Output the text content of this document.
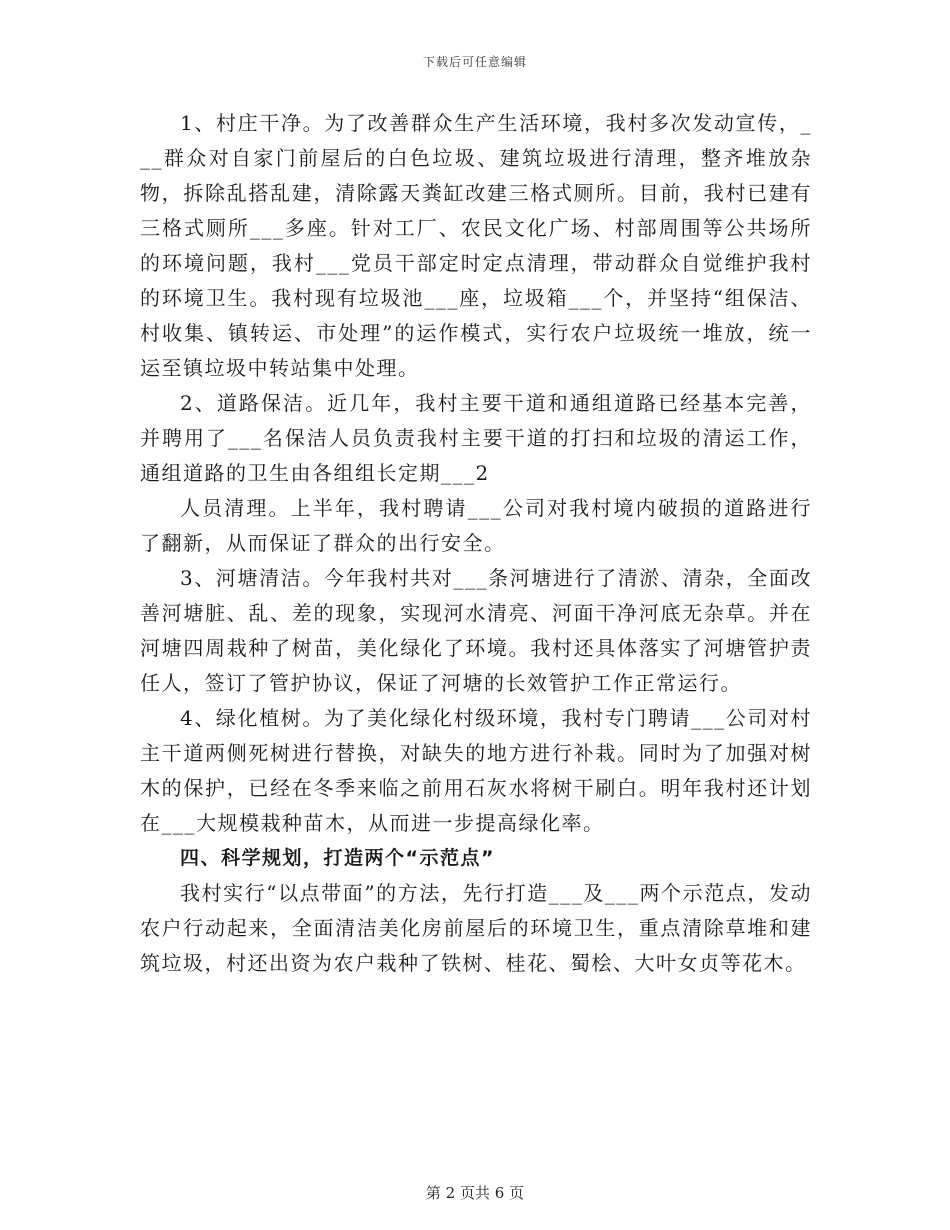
下载后可任意编辑

1、村庄干净。为了改善群众生产生活环境，我村多次发动宣传，___群众对自家门前屋后的白色垃圾、建筑垃圾进行清理，整齐堆放杂物，拆除乱搭乱建，清除露天粪缸改建三格式厕所。目前，我村已建有三格式厕所___多座。针对工厂、农民文化广场、村部周围等公共场所的环境问题，我村___党员干部定时定点清理，带动群众自觉维护我村的环境卫生。我村现有垃圾池___座，垃圾箱___个，并坚持“组保洁、村收集、镇转运、市处理”的运作模式，实行农户垃圾统一堆放，统一运至镇垃圾中转站集中处理。

2、道路保洁。近几年，我村主要干道和通组道路已经基本完善，并聘用了___名保洁人员负责我村主要干道的打扫和垃圾的清运工作，通组道路的卫生由各组组长定期___2

人员清理。上半年，我村聘请___公司对我村境内破损的道路进行了翻新，从而保证了群众的出行安全。

3、河塘清洁。今年我村共对___条河塘进行了清淤、清杂，全面改善河塘脏、乱、差的现象，实现河水清亮、河面干净河底无杂草。并在河塘四周栽种了树苗，美化绿化了环境。我村还具体落实了河塘管护责任人，签订了管护协议，保证了河塘的长效管护工作正常运行。

4、绿化植树。为了美化绿化村级环境，我村专门聘请___公司对村主干道两侧死树进行替换，对缺失的地方进行补栽。同时为了加强对树木的保护，已经在冬季来临之前用石灰水将树干刷白。明年我村还计划在___大规模栽种苗木，从而进一步提高绿化率。

四、科学规划，打造两个“示范点”

我村实行“以点带面”的方法，先行打造___及___两个示范点，发动农户行动起来，全面清洁美化房前屋后的环境卫生，重点清除草堆和建筑垃圾，村还出资为农户栽种了铁树、桂花、蜀桧、大叶女贞等花木。

第 2 页共 6 页
